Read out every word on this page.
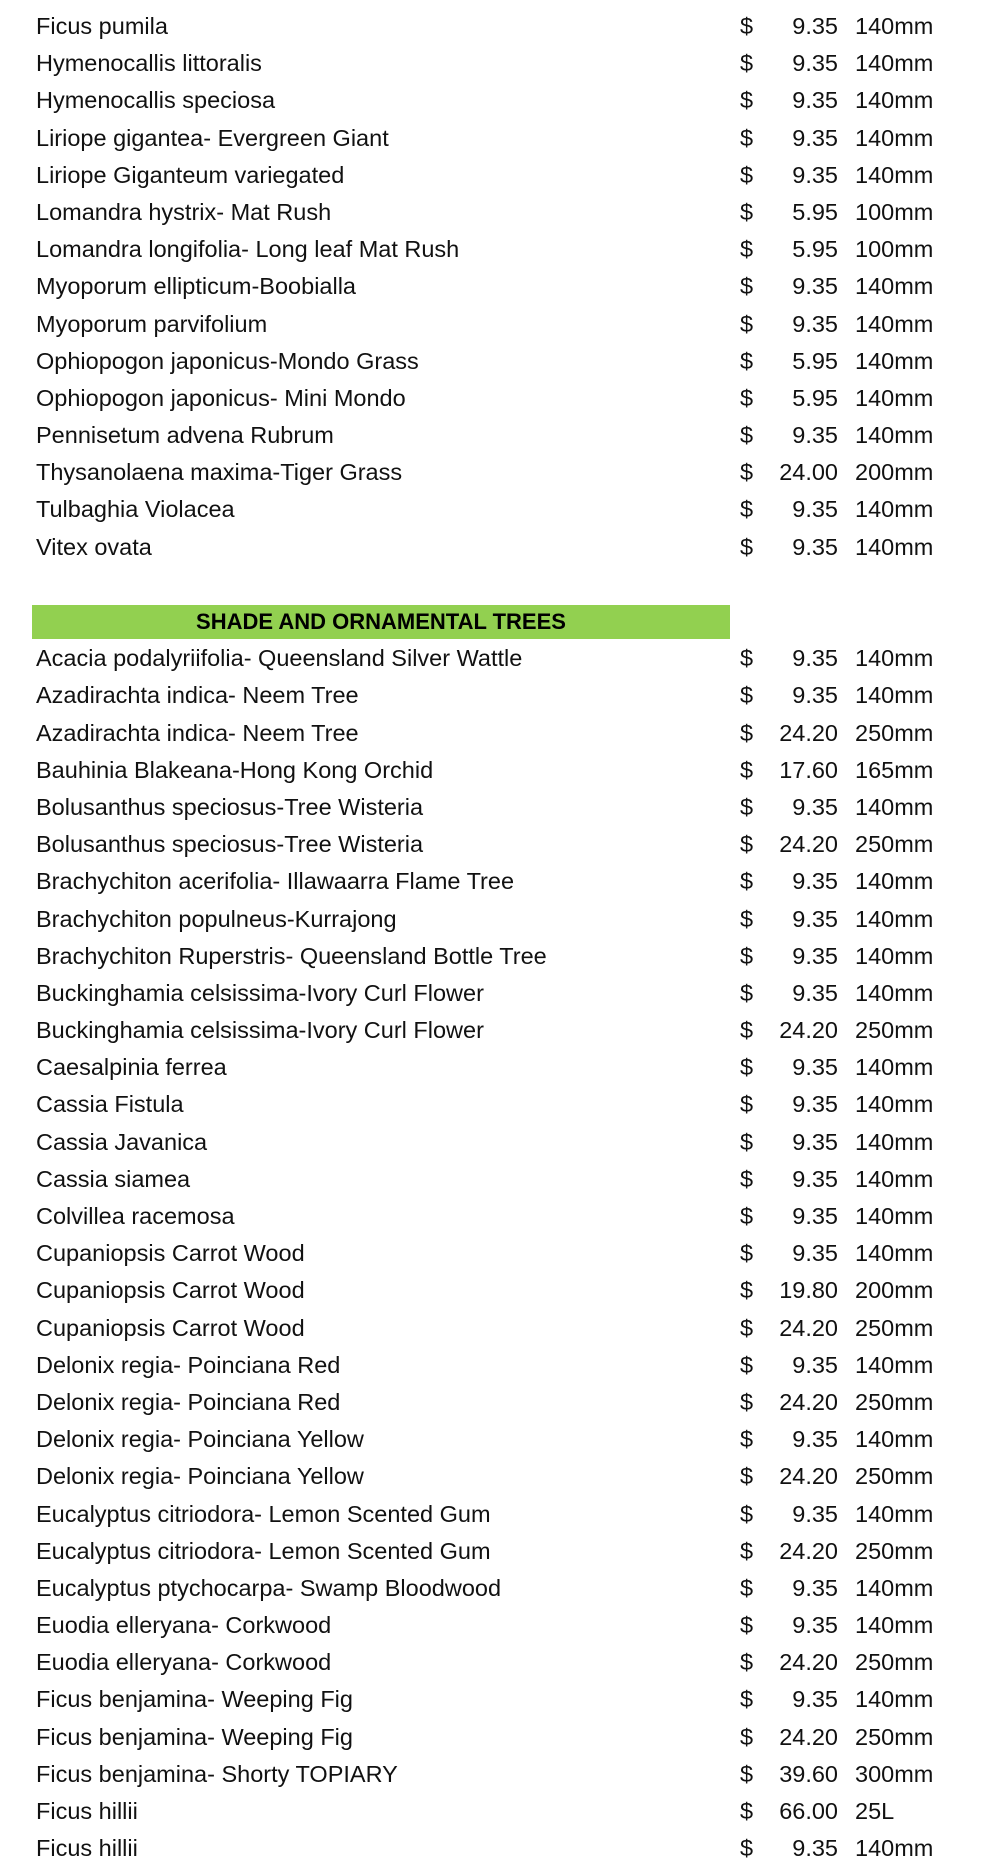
Ficus pumila	$ 9.35 140mm
Hymenocallis littoralis	$ 9.35 140mm
Hymenocallis speciosa	$ 9.35 140mm
Liriope gigantea- Evergreen Giant	$ 9.35 140mm
Liriope Giganteum variegated	$ 9.35 140mm
Lomandra hystrix- Mat Rush	$ 5.95 100mm
Lomandra longifolia- Long leaf Mat Rush	$ 5.95 100mm
Myoporum ellipticum-Boobialla	$ 9.35 140mm
Myoporum parvifolium	$ 9.35 140mm
Ophiopogon japonicus-Mondo Grass	$ 5.95 140mm
Ophiopogon japonicus- Mini Mondo	$ 5.95 140mm
Pennisetum advena Rubrum	$ 9.35 140mm
Thysanolaena maxima-Tiger Grass	$ 24.00 200mm
Tulbaghia Violacea	$ 9.35 140mm
Vitex ovata	$ 9.35 140mm
SHADE AND ORNAMENTAL TREES
Acacia podalyriifolia- Queensland Silver Wattle	$ 9.35 140mm
Azadirachta indica- Neem Tree	$ 9.35 140mm
Azadirachta indica- Neem Tree	$ 24.20 250mm
Bauhinia Blakeana-Hong Kong Orchid	$ 17.60 165mm
Bolusanthus speciosus-Tree Wisteria	$ 9.35 140mm
Bolusanthus speciosus-Tree Wisteria	$ 24.20 250mm
Brachychiton acerifolia- Illawaarra Flame Tree	$ 9.35 140mm
Brachychiton populneus-Kurrajong	$ 9.35 140mm
Brachychiton Ruperstris- Queensland Bottle Tree	$ 9.35 140mm
Buckinghamia celsissima-Ivory Curl Flower	$ 9.35 140mm
Buckinghamia celsissima-Ivory Curl Flower	$ 24.20 250mm
Caesalpinia ferrea	$ 9.35 140mm
Cassia Fistula	$ 9.35 140mm
Cassia Javanica	$ 9.35 140mm
Cassia siamea	$ 9.35 140mm
Colvillea racemosa	$ 9.35 140mm
Cupaniopsis Carrot Wood	$ 9.35 140mm
Cupaniopsis Carrot Wood	$ 19.80 200mm
Cupaniopsis Carrot Wood	$ 24.20 250mm
Delonix regia- Poinciana Red	$ 9.35 140mm
Delonix regia- Poinciana Red	$ 24.20 250mm
Delonix regia- Poinciana Yellow	$ 9.35 140mm
Delonix regia- Poinciana Yellow	$ 24.20 250mm
Eucalyptus citriodora- Lemon Scented Gum	$ 9.35 140mm
Eucalyptus citriodora- Lemon Scented Gum	$ 24.20 250mm
Eucalyptus ptychocarpa- Swamp Bloodwood	$ 9.35 140mm
Euodia elleryana- Corkwood	$ 9.35 140mm
Euodia elleryana- Corkwood	$ 24.20 250mm
Ficus benjamina- Weeping Fig	$ 9.35 140mm
Ficus benjamina- Weeping Fig	$ 24.20 250mm
Ficus benjamina- Shorty TOPIARY	$ 39.60 300mm
Ficus hillii	$ 66.00 25L
Ficus hillii	$ 9.35 140mm
